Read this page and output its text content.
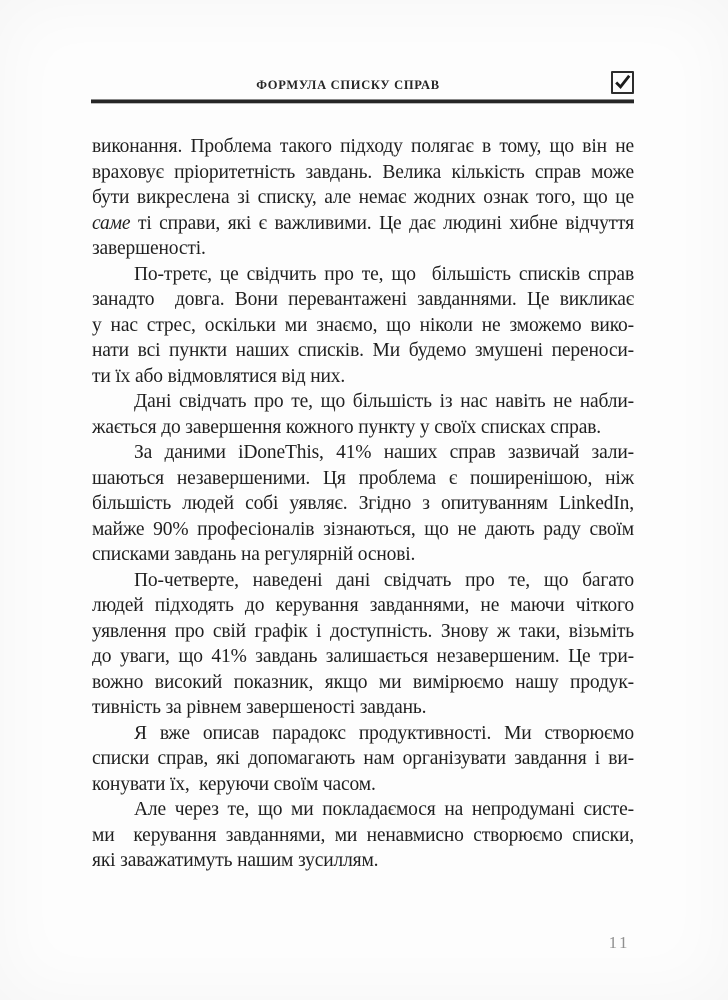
ФОРМУЛА СПИСКУ СПРАВ
виконання. Проблема такого підходу полягає в тому, що він не
враховує пріоритетність завдань. Велика кількість справ може
бути викреслена зі списку, але немає жодних ознак того, що це
саме ті справи, які є важливими. Це дає людині хибне відчуття
завершеності.
По-третє, це свідчить про те, що  більшість списків справ
занадто  довга. Вони перевантажені завданнями. Це викликає
у нас стрес, оскільки ми знаємо, що ніколи не зможемо вико-
нати всі пункти наших списків. Ми будемо змушені переноси-
ти їх або відмовлятися від них.
Дані свідчать про те, що більшість із нас навіть не набли-
жається до завершення кожного пункту у своїх списках справ.
За даними iDoneThis, 41% наших справ зазвичай зали-
шаються незавершеними. Ця проблема є поширенішою, ніж
більшість людей собі уявляє. Згідно з опитуванням LinkedIn,
майже 90% професіоналів зізнаються, що не дають раду своїм
списками завдань на регулярній основі.
По-четверте, наведені дані свідчать про те, що багато
людей підходять до керування завданнями, не маючи чіткого
уявлення про свій графік і доступність. Знову ж таки, візьміть
до уваги, що 41% завдань залишається незавершеним. Це три-
вожно високий показник, якщо ми вимірюємо нашу продук-
тивність за рівнем завершеності завдань.
Я вже описав парадокс продуктивності. Ми створюємо
списки справ, які допомагають нам організувати завдання і ви-
конувати їх,  керуючи своїм часом.
Але через те, що ми покладаємося на непродумані систе-
ми  керування завданнями, ми ненавмисно створюємо списки,
які заважатимуть нашим зусиллям.
11
